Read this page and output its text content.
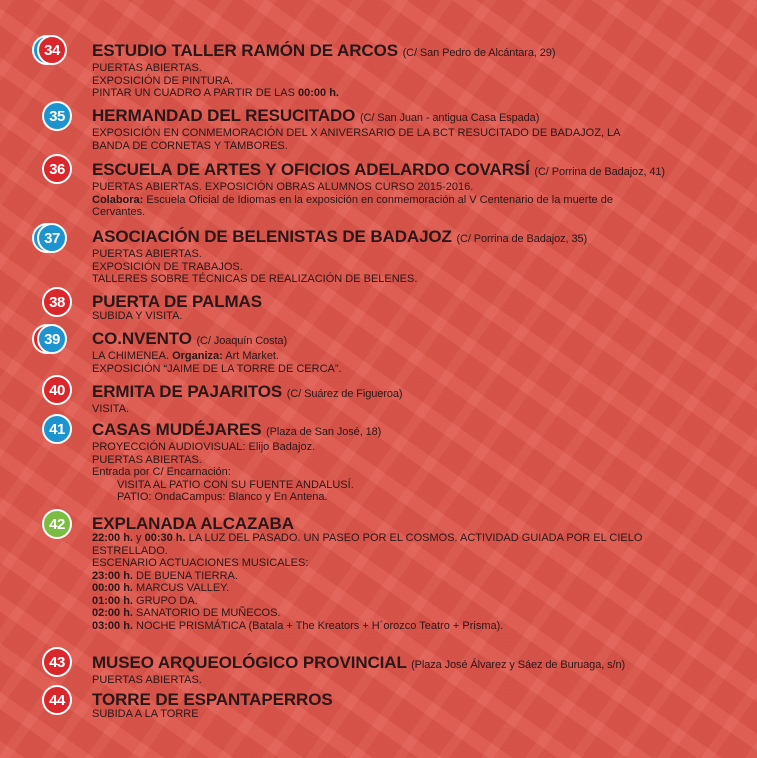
34	ESTUDIO TALLER RAMÓN DE ARCOS (C/ San Pedro de Alcántara, 29)
PUERTAS ABIERTAS.
EXPOSICIÓN DE PINTURA.
PINTAR UN CUADRO A PARTIR DE LAS 00:00 h.
35	HERMANDAD DEL RESUCITADO (C/ San Juan - antigua Casa Espada)
EXPOSICIÓN EN CONMEMORACIÓN DEL X ANIVERSARIO DE LA BCT RESUCITADO DE BADAJOZ, LA
BANDA DE CORNETAS Y TAMBORES.
36	ESCUELA DE ARTES Y OFICIOS ADELARDO COVARSÍ (C/ Porrina de Badajoz, 41)
PUERTAS ABIERTAS. EXPOSICIÓN OBRAS ALUMNOS CURSO 2015-2016.
Colabora: Escuela Oficial de Idiomas en la exposición en conmemoración al V Centenario de la muerte de
Cervantes.
37	ASOCIACIÓN DE BELENISTAS DE BADAJOZ (C/ Porrina de Badajoz, 35)
PUERTAS ABIERTAS.
EXPOSICIÓN DE TRABAJOS.
TALLERES SOBRE TÉCNICAS DE REALIZACIÓN DE BELENES.
38	PUERTA DE PALMAS
SUBIDA Y VISITA.
39	CO.NVENTO (C/ Joaquín Costa)
LA CHIMENEA. Organiza: Art Market.
EXPOSICIÓN “JAIME DE LA TORRE DE CERCA”.
40	ERMITA DE PAJARITOS (C/ Suárez de Figueroa)
VISITA.
41	CASAS MUDÉJARES (Plaza de San José, 18)
PROYECCIÓN AUDIOVISUAL: Elijo Badajoz.
PUERTAS ABIERTAS.
Entrada por C/ Encarnación:
VISITA AL PATIO CON SU FUENTE ANDALUSÍ.
PATIO: OndaCampus: Blanco y En Antena.
42	EXPLANADA ALCAZABA
22:00 h. y 00:30 h. LA LUZ DEL PASADO. UN PASEO POR EL COSMOS. ACTIVIDAD GUIADA POR EL CIELO
ESTRELLADO.
ESCENARIO ACTUACIONES MUSICALES:
23:00 h. DE BUENA TIERRA.
00:00 h. MARCUS VALLEY.
01:00 h. GRUPO DA.
02:00 h. SANATORIO DE MUÑECOS.
03:00 h. NOCHE PRISMÁTICA (Batala + The Kreators + H´orozco Teatro + Prisma).
43	MUSEO ARQUEOLÓGICO PROVINCIAL (Plaza José Álvarez y Sáez de Buruaga, s/n)
PUERTAS ABIERTAS.
44	TORRE DE ESPANTAPERROS
SUBIDA A LA TORRE
